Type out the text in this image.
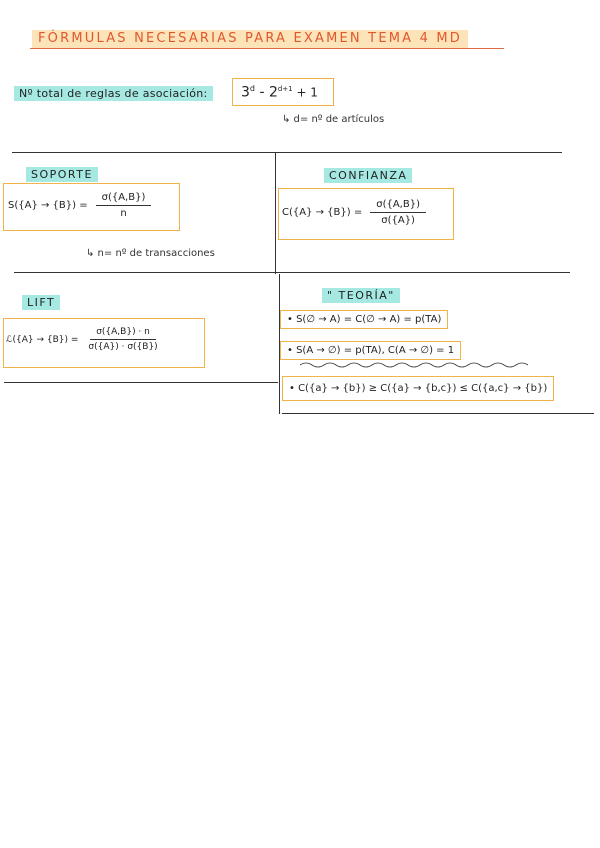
FÓRMULAS NECESARIAS PARA EXAMEN TEMA 4 MD
Nº total de reglas de asociación:	$3^d - 2^{d+1} + 1$
↳ d= nº de artículos
SOPORTE
$S(\{A\} \to \{B\}) = \frac{\sigma(\{A,B\})}{n}$
↳ n= nº de transacciones
CONFIANZA
$C(\{A\} \to \{B\}) = \frac{\sigma(\{A,B\})}{\sigma(\{A\})}$
LIFT
ℒ({A} → $\{B\}) = \frac{\sigma(\{A,B\}) \cdot n}{\sigma(\{A\}) \cdot \sigma(\{B\})}$
" TEORÍA"
• S(∅ → A) = C(∅ → A) = p(TA)
• S(A → ∅) = p(TA), C(A → ∅) = 1
• C({a} → {b}) ≥ C({a} → {b,c}) ≤ C({a,c} → {b})
